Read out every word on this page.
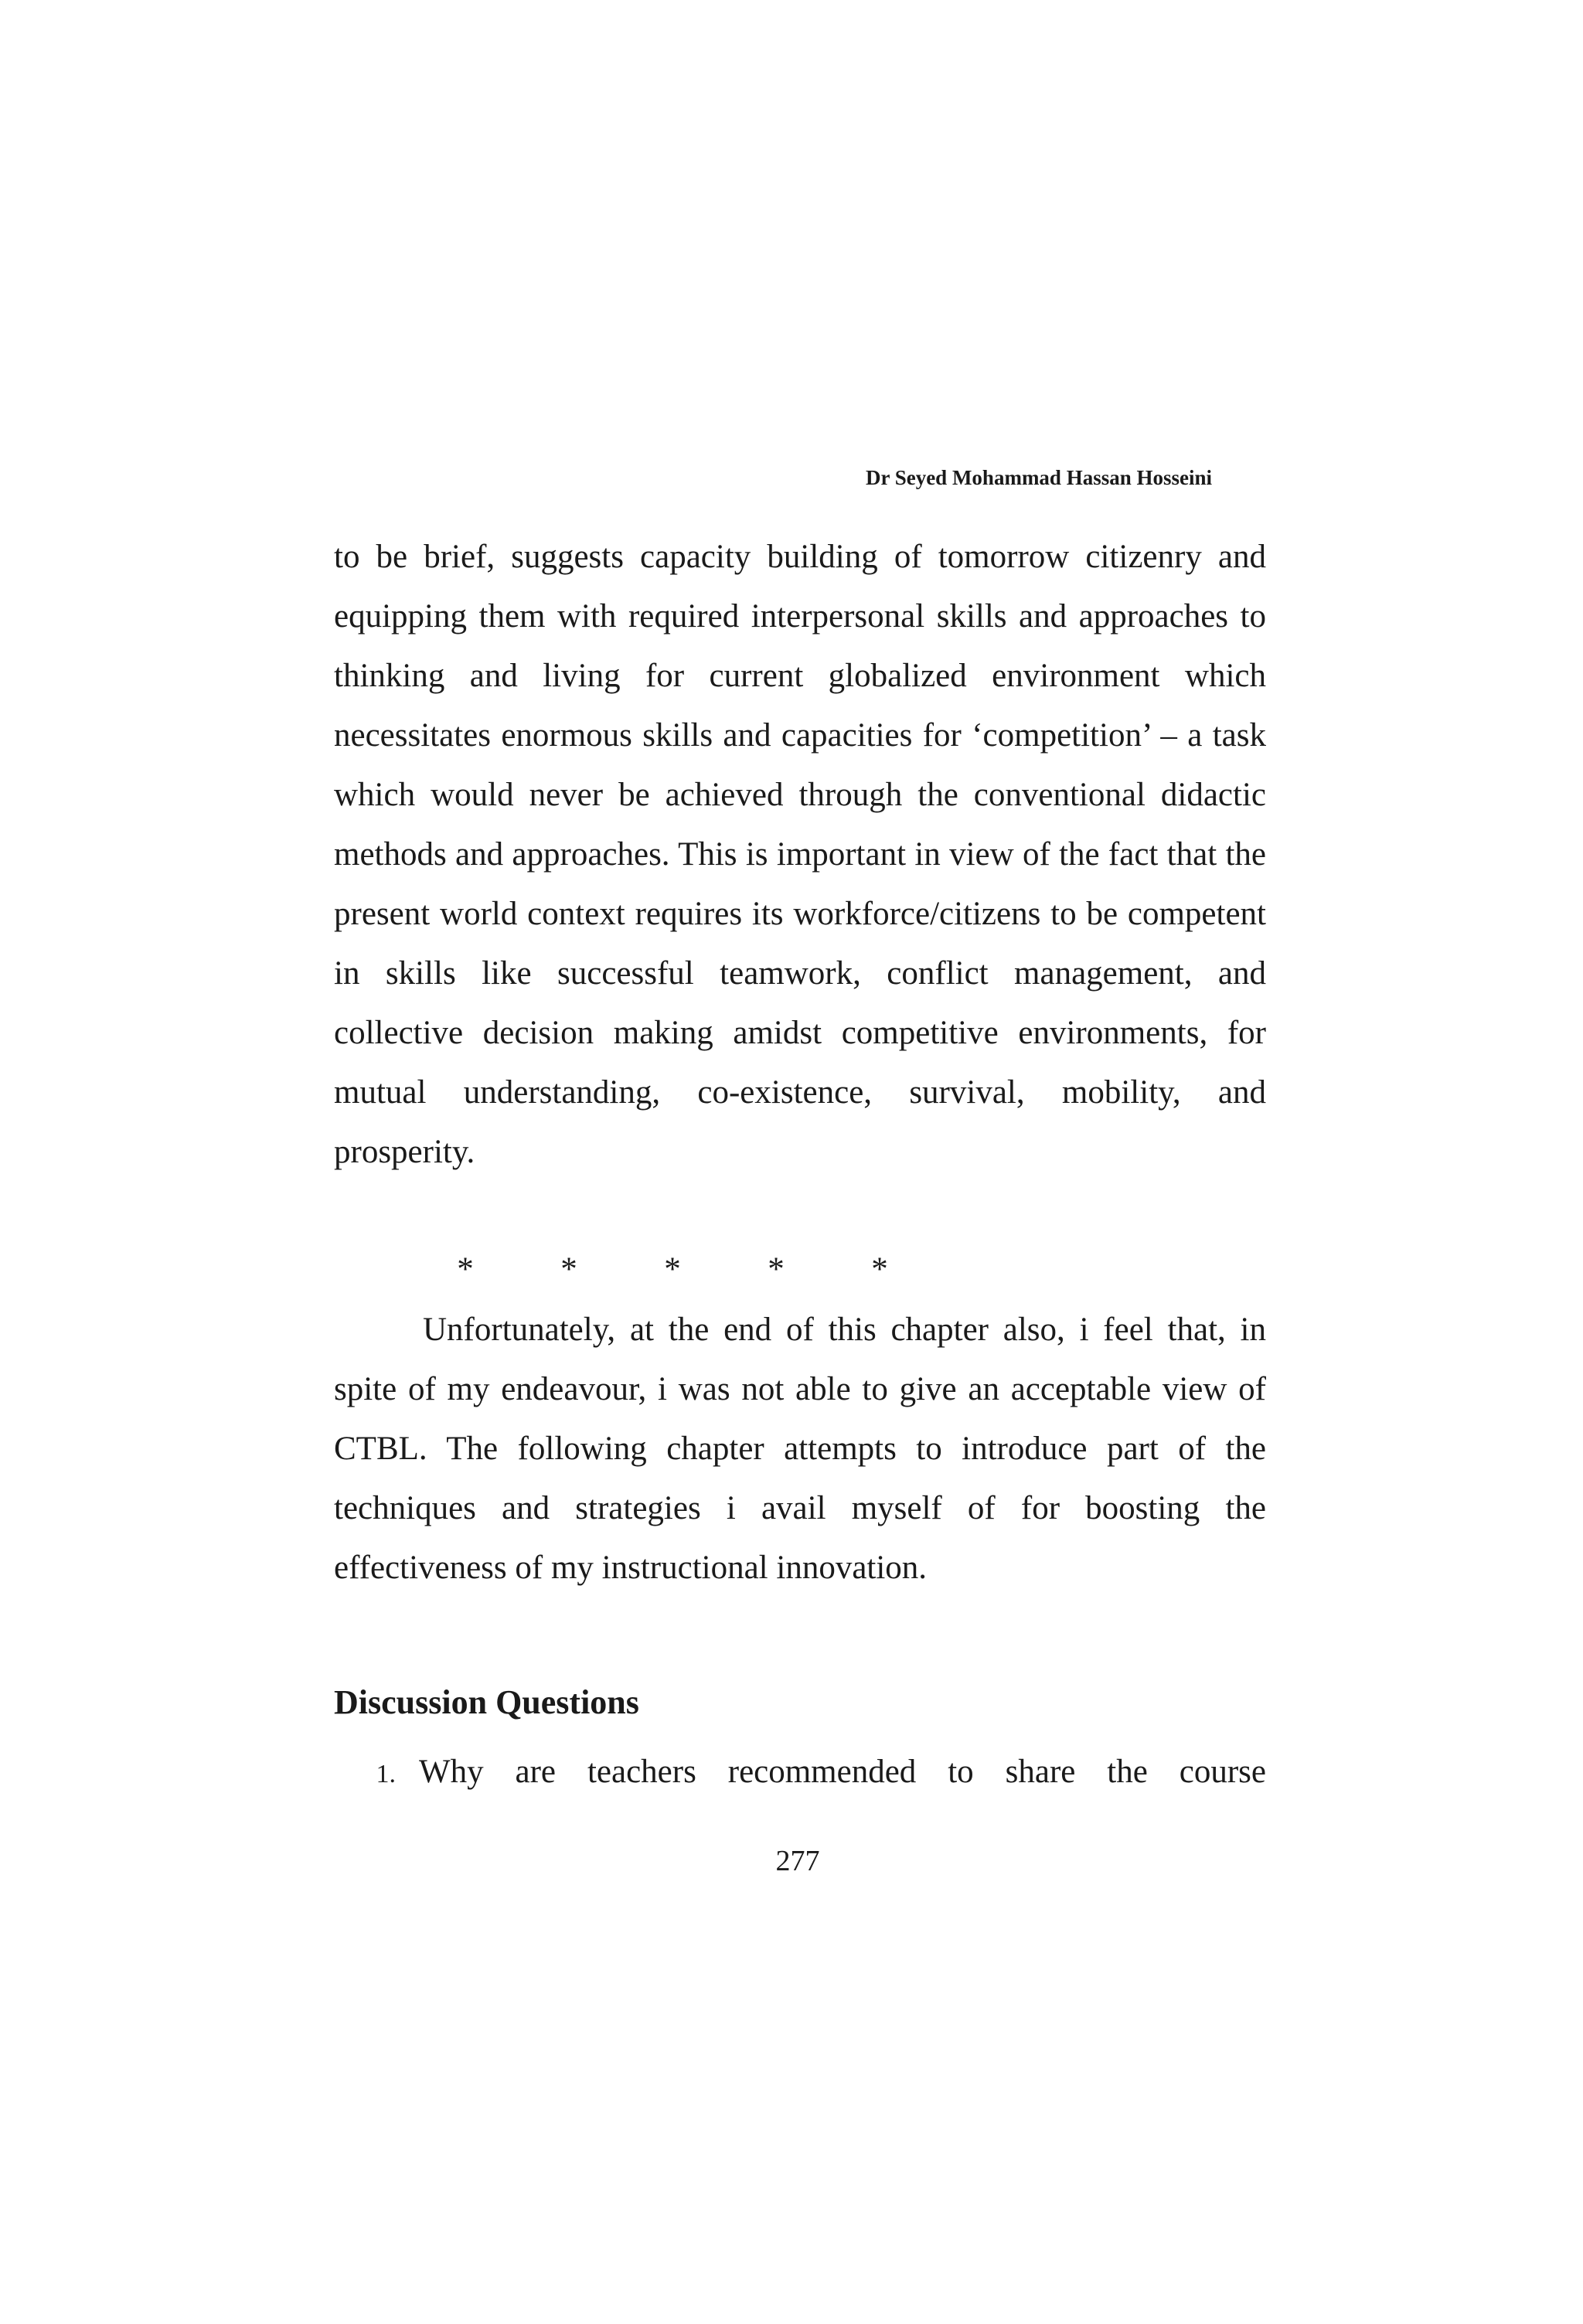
Dr Seyed Mohammad Hassan Hosseini

to be brief, suggests capacity building of tomorrow citizenry and equipping them with required interpersonal skills and approaches to thinking and living for current globalized environment which necessitates enormous skills and capacities for ‘competition’ – a task which would never be achieved through the conventional didactic methods and approaches. This is important in view of the fact that the present world context requires its workforce/citizens to be competent in skills like successful teamwork, conflict management, and collective decision making amidst competitive environments, for mutual understanding, co-existence, survival, mobility, and prosperity.

*	*	*	*	*

Unfortunately, at the end of this chapter also, i feel that, in spite of my endeavour, i was not able to give an acceptable view of CTBL. The following chapter attempts to introduce part of the techniques and strategies i avail myself of for boosting the effectiveness of my instructional innovation.

Discussion Questions
1. Why are teachers recommended to share the course
277
